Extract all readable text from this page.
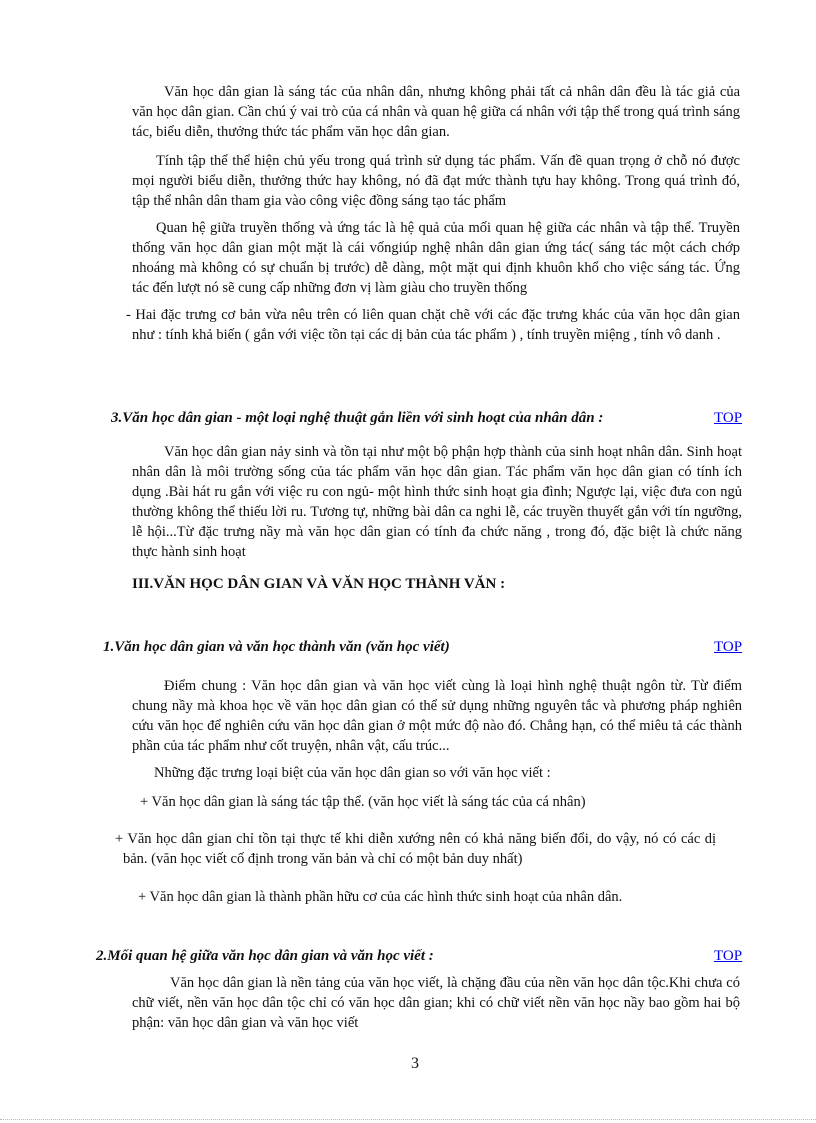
Văn học dân gian là sáng tác của nhân dân, nhưng không phải tất cả nhân dân đều là tác giả của văn học dân gian. Cần chú ý vai trò của cá nhân và quan hệ giữa cá nhân với tập thể trong quá trình sáng tác, biểu diễn, thưởng thức tác phẩm văn học dân gian.
Tính tập thể thể hiện chủ yếu trong quá trình sử dụng tác phẩm. Vấn đề quan trọng ở chỗ nó được mọi người biểu diễn, thưởng thức hay không, nó đã đạt mức thành tựu hay không. Trong quá trình đó, tập thể nhân dân tham gia vào công việc đồng sáng tạo tác phẩm
Quan hệ giữa truyền thống và ứng tác là hệ quả của mối quan hệ giữa các nhân và tập thể. Truyền thống văn học dân gian một mặt là cái vốngiúp nghệ nhân dân gian ứng tác( sáng tác một cách chớp nhoáng mà không có sự chuẩn bị trước) dễ dàng, một mặt qui định khuôn khổ cho việc sáng tác. Ứng tác đến lượt nó sẽ cung cấp những đơn vị làm giàu cho truyền thống
- Hai đặc trưng cơ bản vừa nêu trên có liên quan chặt chẽ với các đặc trưng khác của văn học dân gian như : tính khả biến ( gắn với việc tồn tại các dị bản của tác phẩm ) , tính truyền miệng , tính vô danh .
3.Văn học dân gian - một loại nghệ thuật gắn liền với sinh hoạt của nhân dân :	TOP
Văn học dân gian nảy sinh và tồn tại như một bộ phận hợp thành của sinh hoạt nhân dân. Sinh hoạt nhân dân là môi trường sống của tác phẩm văn học dân gian. Tác phẩm văn học dân gian có tính ích dụng .Bài hát ru gắn với việc ru con ngủ- một hình thức sinh hoạt gia đình; Ngược lại, việc đưa con ngủ thường không thể thiếu lời ru. Tương tự, những bài dân ca nghi lễ, các truyền thuyết gắn với tín ngưỡng, lễ hội...Từ đặc trưng nầy mà văn học dân gian có tính đa chức năng , trong đó, đặc biệt là chức năng thực hành sinh hoạt
III.VĂN HỌC DÂN GIAN VÀ VĂN HỌC THÀNH VĂN :
1.Văn học dân gian và văn học thành văn (văn học viết)	TOP
Điểm chung : Văn học dân gian và văn học viết cùng là loại hình nghệ thuật ngôn từ. Từ điểm chung nầy mà khoa học về văn học dân gian có thể sử dụng những nguyên tắc và phương pháp nghiên cứu văn học để nghiên cứu văn học dân gian ở một mức độ nào đó. Chẳng hạn, có thể miêu tả các thành phần của tác phẩm như cốt truyện, nhân vật, cấu trúc...
Những đặc trưng loại biệt của văn học dân gian so với văn học viết :
+ Văn học dân gian là sáng tác tập thể. (văn học viết là sáng tác của cá nhân)
+ Văn học dân gian chỉ tồn tại thực tế khi diễn xướng nên có khả năng biến đổi, do vậy, nó có các dị bản. (văn học viết cố định trong văn bản và chỉ có một bản duy nhất)
+ Văn học dân gian là thành phần hữu cơ của các hình thức sinh hoạt của nhân dân.
2.Mối quan hệ giữa văn học dân gian và văn học viết :	TOP
Văn học dân gian là nền tảng của văn học viết, là chặng đầu của nền văn học dân tộc.Khi chưa có chữ viết, nền văn học dân tộc chỉ có văn học dân gian; khi có chữ viết nền văn học nầy bao gồm hai bộ phận: văn học dân gian và văn học viết
3
